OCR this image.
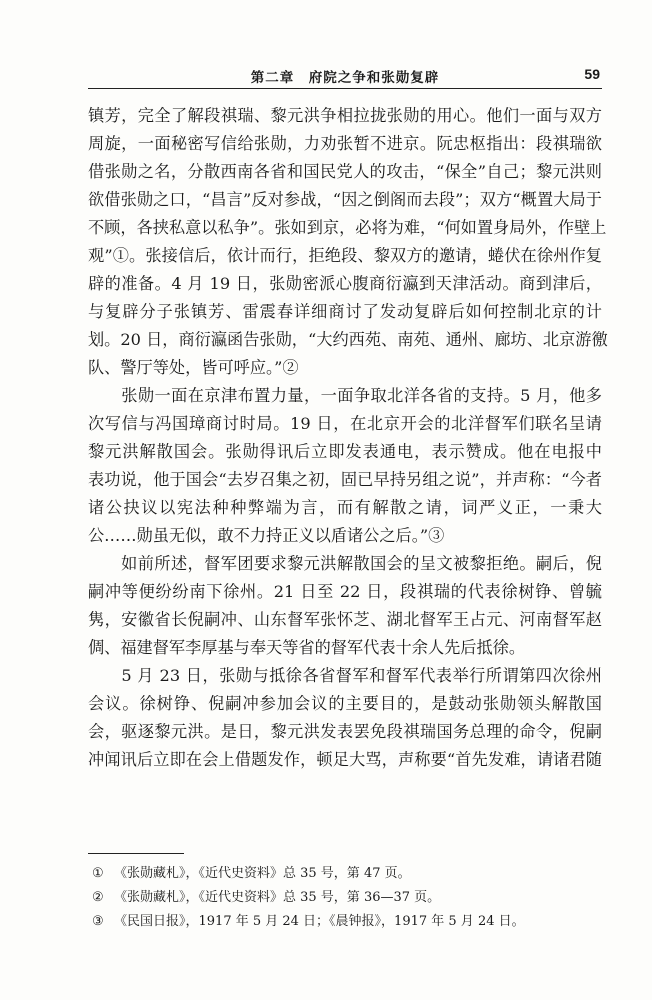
第二章　府院之争和张勋复辟	59
镇芳，完全了解段祺瑞、黎元洪争相拉拢张勋的用心。他们一面与双方
周旋，一面秘密写信给张勋，力劝张暂不进京。阮忠枢指出：段祺瑞欲
借张勋之名，分散西南各省和国民党人的攻击，“保全”自己；黎元洪则
欲借张勋之口，“昌言”反对参战，“因之倒阁而去段”；双方“概置大局于
不顾，各挟私意以私争”。张如到京，必将为难，“何如置身局外，作壁上
观”①。张接信后，依计而行，拒绝段、黎双方的邀请，蜷伏在徐州作复
辟的准备。4 月 19 日，张勋密派心腹商衍瀛到天津活动。商到津后，
与复辟分子张镇芳、雷震春详细商讨了发动复辟后如何控制北京的计
划。20 日，商衍瀛函告张勋，“大约西苑、南苑、通州、廊坊、北京游徼
队、警厅等处，皆可呼应。”②
　　张勋一面在京津布置力量，一面争取北洋各省的支持。5 月，他多
次写信与冯国璋商讨时局。19 日，在北京开会的北洋督军们联名呈请
黎元洪解散国会。张勋得讯后立即发表通电，表示赞成。他在电报中
表功说，他于国会“去岁召集之初，固已早持另组之说”，并声称：“今者
诸公抉议以宪法种种弊端为言，而有解散之请，词严义正，一秉大
公……勋虽无似，敢不力持正义以盾诸公之后。”③
　　如前所述，督军团要求黎元洪解散国会的呈文被黎拒绝。嗣后，倪
嗣冲等便纷纷南下徐州。21 日至 22 日，段祺瑞的代表徐树铮、曾毓
隽，安徽省长倪嗣冲、山东督军张怀芝、湖北督军王占元、河南督军赵
倜、福建督军李厚基与奉天等省的督军代表十余人先后抵徐。
　　5 月 23 日，张勋与抵徐各省督军和督军代表举行所谓第四次徐州
会议。徐树铮、倪嗣冲参加会议的主要目的，是鼓动张勋领头解散国
会，驱逐黎元洪。是日，黎元洪发表罢免段祺瑞国务总理的命令，倪嗣
冲闻讯后立即在会上借题发作，顿足大骂，声称要“首先发难，请诸君随
① 《张勋藏札》，《近代史资料》总 35 号，第 47 页。
② 《张勋藏札》，《近代史资料》总 35 号，第 36—37 页。
③ 《民国日报》，1917 年 5 月 24 日；《晨钟报》，1917 年 5 月 24 日。
